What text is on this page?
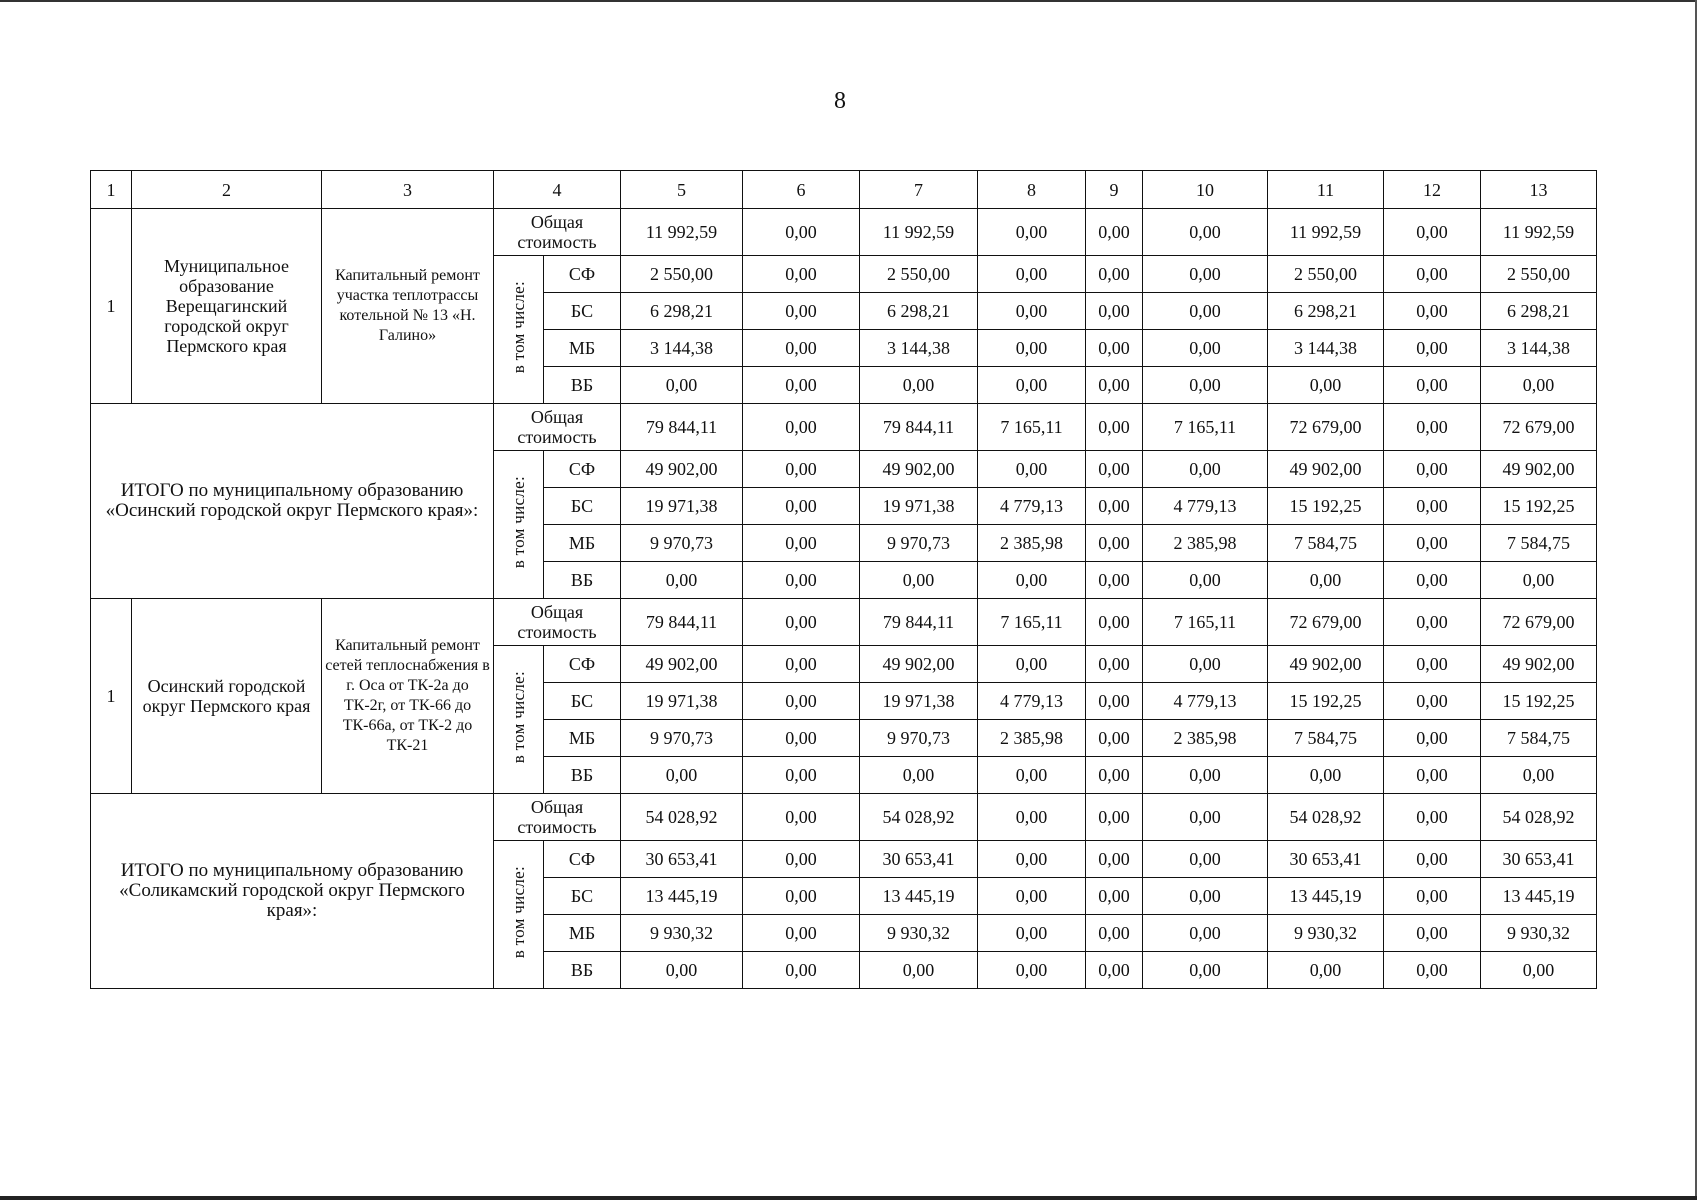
8
1	2	3	4		5	6	7	8	9	10	11	12	13
1	Муниципальное образование Верещагинский городской округ Пермского края	Капитальный ремонт участка теплотрассы котельной № 13 «Н. Галино»	Общая стоимость		11 992,59	0,00	11 992,59	0,00	0,00	0,00	11 992,59	0,00	11 992,59
			в том числе:	СФ	2 550,00	0,00	2 550,00	0,00	0,00	0,00	2 550,00	0,00	2 550,00
				БС	6 298,21	0,00	6 298,21	0,00	0,00	0,00	6 298,21	0,00	6 298,21
				МБ	3 144,38	0,00	3 144,38	0,00	0,00	0,00	3 144,38	0,00	3 144,38
				ВБ	0,00	0,00	0,00	0,00	0,00	0,00	0,00	0,00	0,00
ИТОГО по муниципальному образованию «Осинский городской округ Пермского края»:			Общая стоимость		79 844,11	0,00	79 844,11	7 165,11	0,00	7 165,11	72 679,00	0,00	72 679,00
			в том числе:	СФ	49 902,00	0,00	49 902,00	0,00	0,00	0,00	49 902,00	0,00	49 902,00
				БС	19 971,38	0,00	19 971,38	4 779,13	0,00	4 779,13	15 192,25	0,00	15 192,25
				МБ	9 970,73	0,00	9 970,73	2 385,98	0,00	2 385,98	7 584,75	0,00	7 584,75
				ВБ	0,00	0,00	0,00	0,00	0,00	0,00	0,00	0,00	0,00
1	Осинский городской округ Пермского края	Капитальный ремонт сетей теплоснабжения в г. Оса от ТК-2а до ТК-2г, от ТК-66 до ТК-66а, от ТК-2 до ТК-21	Общая стоимость		79 844,11	0,00	79 844,11	7 165,11	0,00	7 165,11	72 679,00	0,00	72 679,00
			в том числе:	СФ	49 902,00	0,00	49 902,00	0,00	0,00	0,00	49 902,00	0,00	49 902,00
				БС	19 971,38	0,00	19 971,38	4 779,13	0,00	4 779,13	15 192,25	0,00	15 192,25
				МБ	9 970,73	0,00	9 970,73	2 385,98	0,00	2 385,98	7 584,75	0,00	7 584,75
				ВБ	0,00	0,00	0,00	0,00	0,00	0,00	0,00	0,00	0,00
ИТОГО по муниципальному образованию «Соликамский городской округ Пермского края»:			Общая стоимость		54 028,92	0,00	54 028,92	0,00	0,00	0,00	54 028,92	0,00	54 028,92
			в том числе:	СФ	30 653,41	0,00	30 653,41	0,00	0,00	0,00	30 653,41	0,00	30 653,41
				БС	13 445,19	0,00	13 445,19	0,00	0,00	0,00	13 445,19	0,00	13 445,19
				МБ	9 930,32	0,00	9 930,32	0,00	0,00	0,00	9 930,32	0,00	9 930,32
				ВБ	0,00	0,00	0,00	0,00	0,00	0,00	0,00	0,00	0,00
